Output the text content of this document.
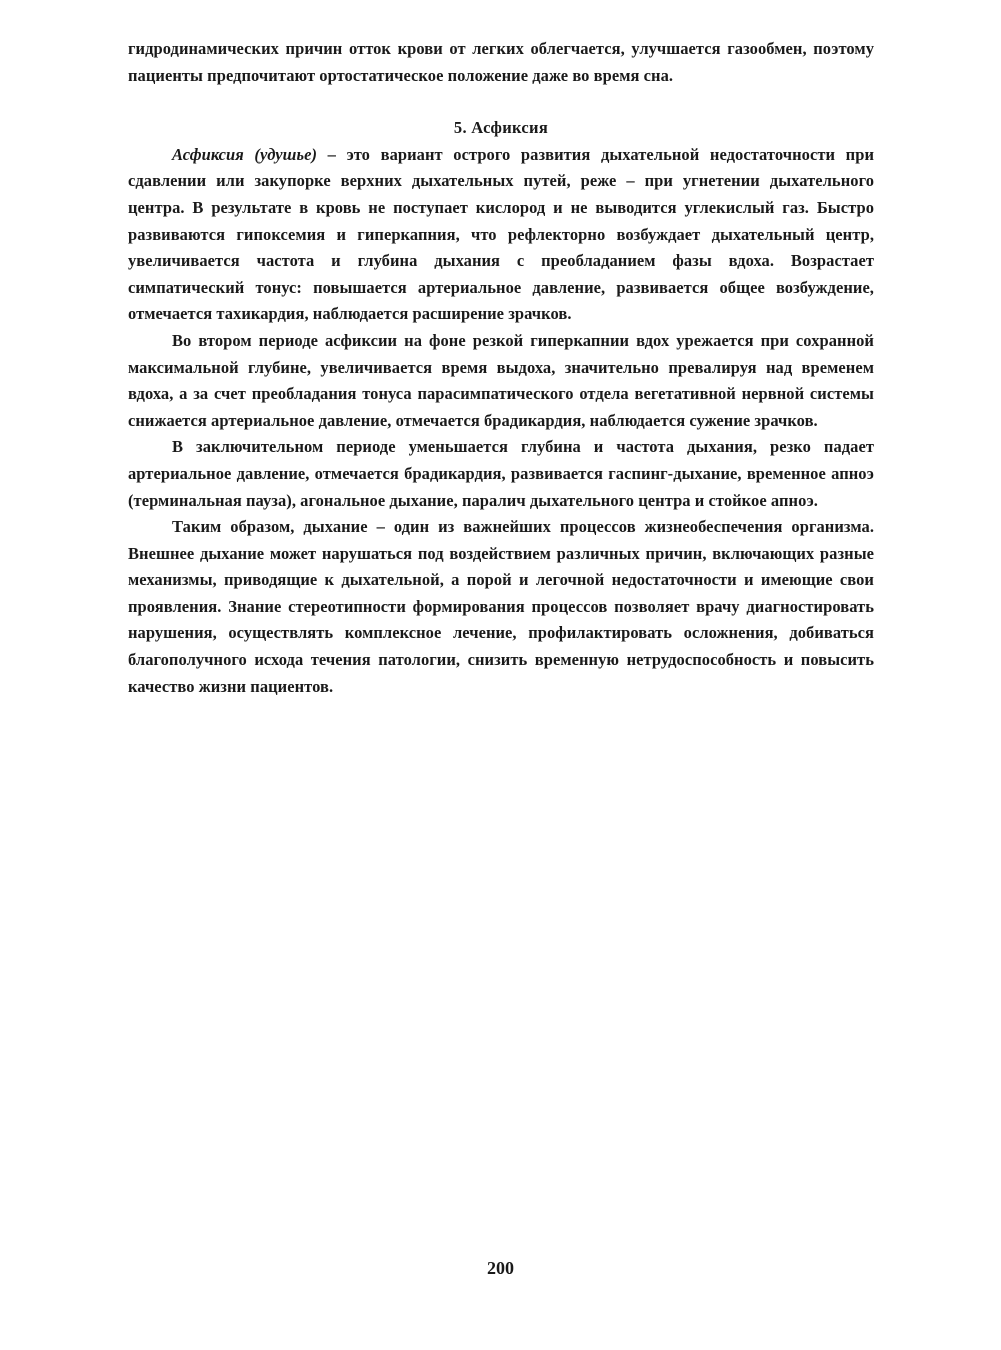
гидродинамических причин отток крови от легких облегчается, улучшается газообмен, поэтому пациенты предпочитают ортостатическое положение даже во время сна.

5. Асфиксия

Асфиксия (удушье) – это вариант острого развития дыхательной недостаточности при сдавлении или закупорке верхних дыхательных путей, реже – при угнетении дыхательного центра. В результате в кровь не поступает кислород и не выводится углекислый газ. Быстро развиваются гипоксемия и гиперкапния, что рефлекторно возбуждает дыхательный центр, увеличивается частота и глубина дыхания с преобладанием фазы вдоха. Возрастает симпатический тонус: повышается артериальное давление, развивается общее возбуждение, отмечается тахикардия, наблюдается расширение зрачков.

Во втором периоде асфиксии на фоне резкой гиперкапнии вдох урежается при сохранной максимальной глубине, увеличивается время выдоха, значительно превалируя над временем вдоха, а за счет преобладания тонуса парасимпатического отдела вегетативной нервной системы снижается артериальное давление, отмечается брадикардия, наблюдается сужение зрачков.

В заключительном периоде уменьшается глубина и частота дыхания, резко падает артериальное давление, отмечается брадикардия, развивается гаспинг-дыхание, временное апноэ (терминальная пауза), агональное дыхание, паралич дыхательного центра и стойкое апноэ.

Таким образом, дыхание – один из важнейших процессов жизнеобеспечения организма. Внешнее дыхание может нарушаться под воздействием различных причин, включающих разные механизмы, приводящие к дыхательной, а порой и легочной недостаточности и имеющие свои проявления. Знание стереотипности формирования процессов позволяет врачу диагностировать нарушения, осуществлять комплексное лечение, профилактировать осложнения, добиваться благополучного исхода течения патологии, снизить временную нетрудоспособность и повысить качество жизни пациентов.

200
